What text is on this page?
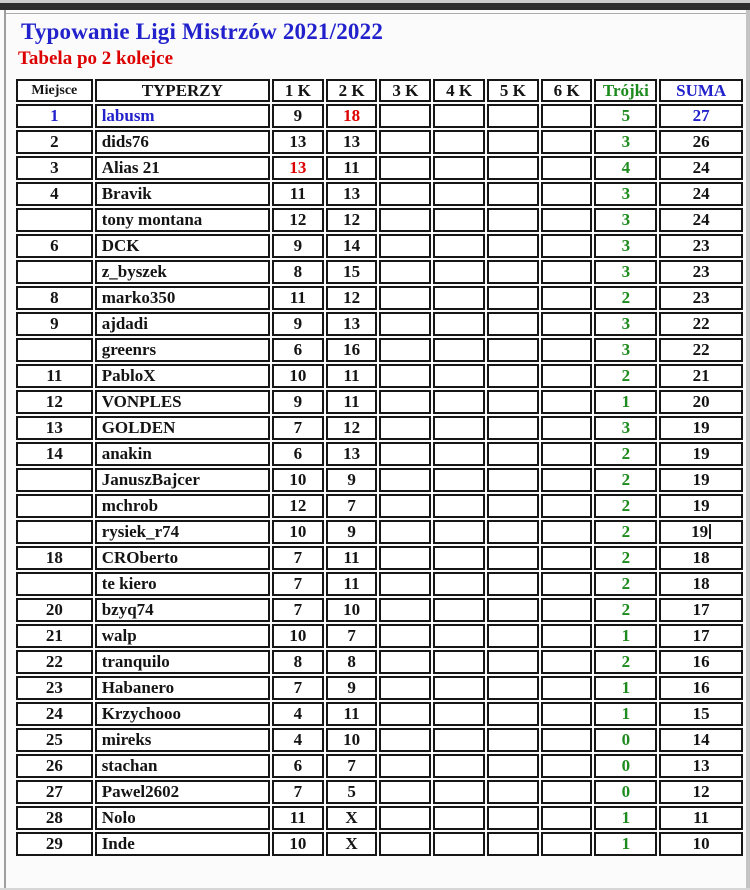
Typowanie Ligi Mistrzów 2021/2022
Tabela po 2 kolejce
Miejsce	TYPERZY	1 K	2 K	3 K	4 K	5 K	6 K	Trójki	SUMA
1	labusm	9	18					5	27
2	dids76	13	13					3	26
3	Alias 21	13	11					4	24
4	Bravik	11	13					3	24
	tony montana	12	12					3	24
6	DCK	9	14					3	23
	z_byszek	8	15					3	23
8	marko350	11	12					2	23
9	ajdadi	9	13					3	22
	greenrs	6	16					3	22
11	PabloX	10	11					2	21
12	VONPLES	9	11					1	20
13	GOLDEN	7	12					3	19
14	anakin	6	13					2	19
	JanuszBajcer	10	9					2	19
	mchrob	12	7					2	19
	rysiek_r74	10	9					2	19
18	CROberto	7	11					2	18
	te kiero	7	11					2	18
20	bzyq74	7	10					2	17
21	walp	10	7					1	17
22	tranquilo	8	8					2	16
23	Habanero	7	9					1	16
24	Krzychooo	4	11					1	15
25	mireks	4	10					0	14
26	stachan	6	7					0	13
27	Pawel2602	7	5					0	12
28	Nolo	11	X					1	11
29	Inde	10	X					1	10
